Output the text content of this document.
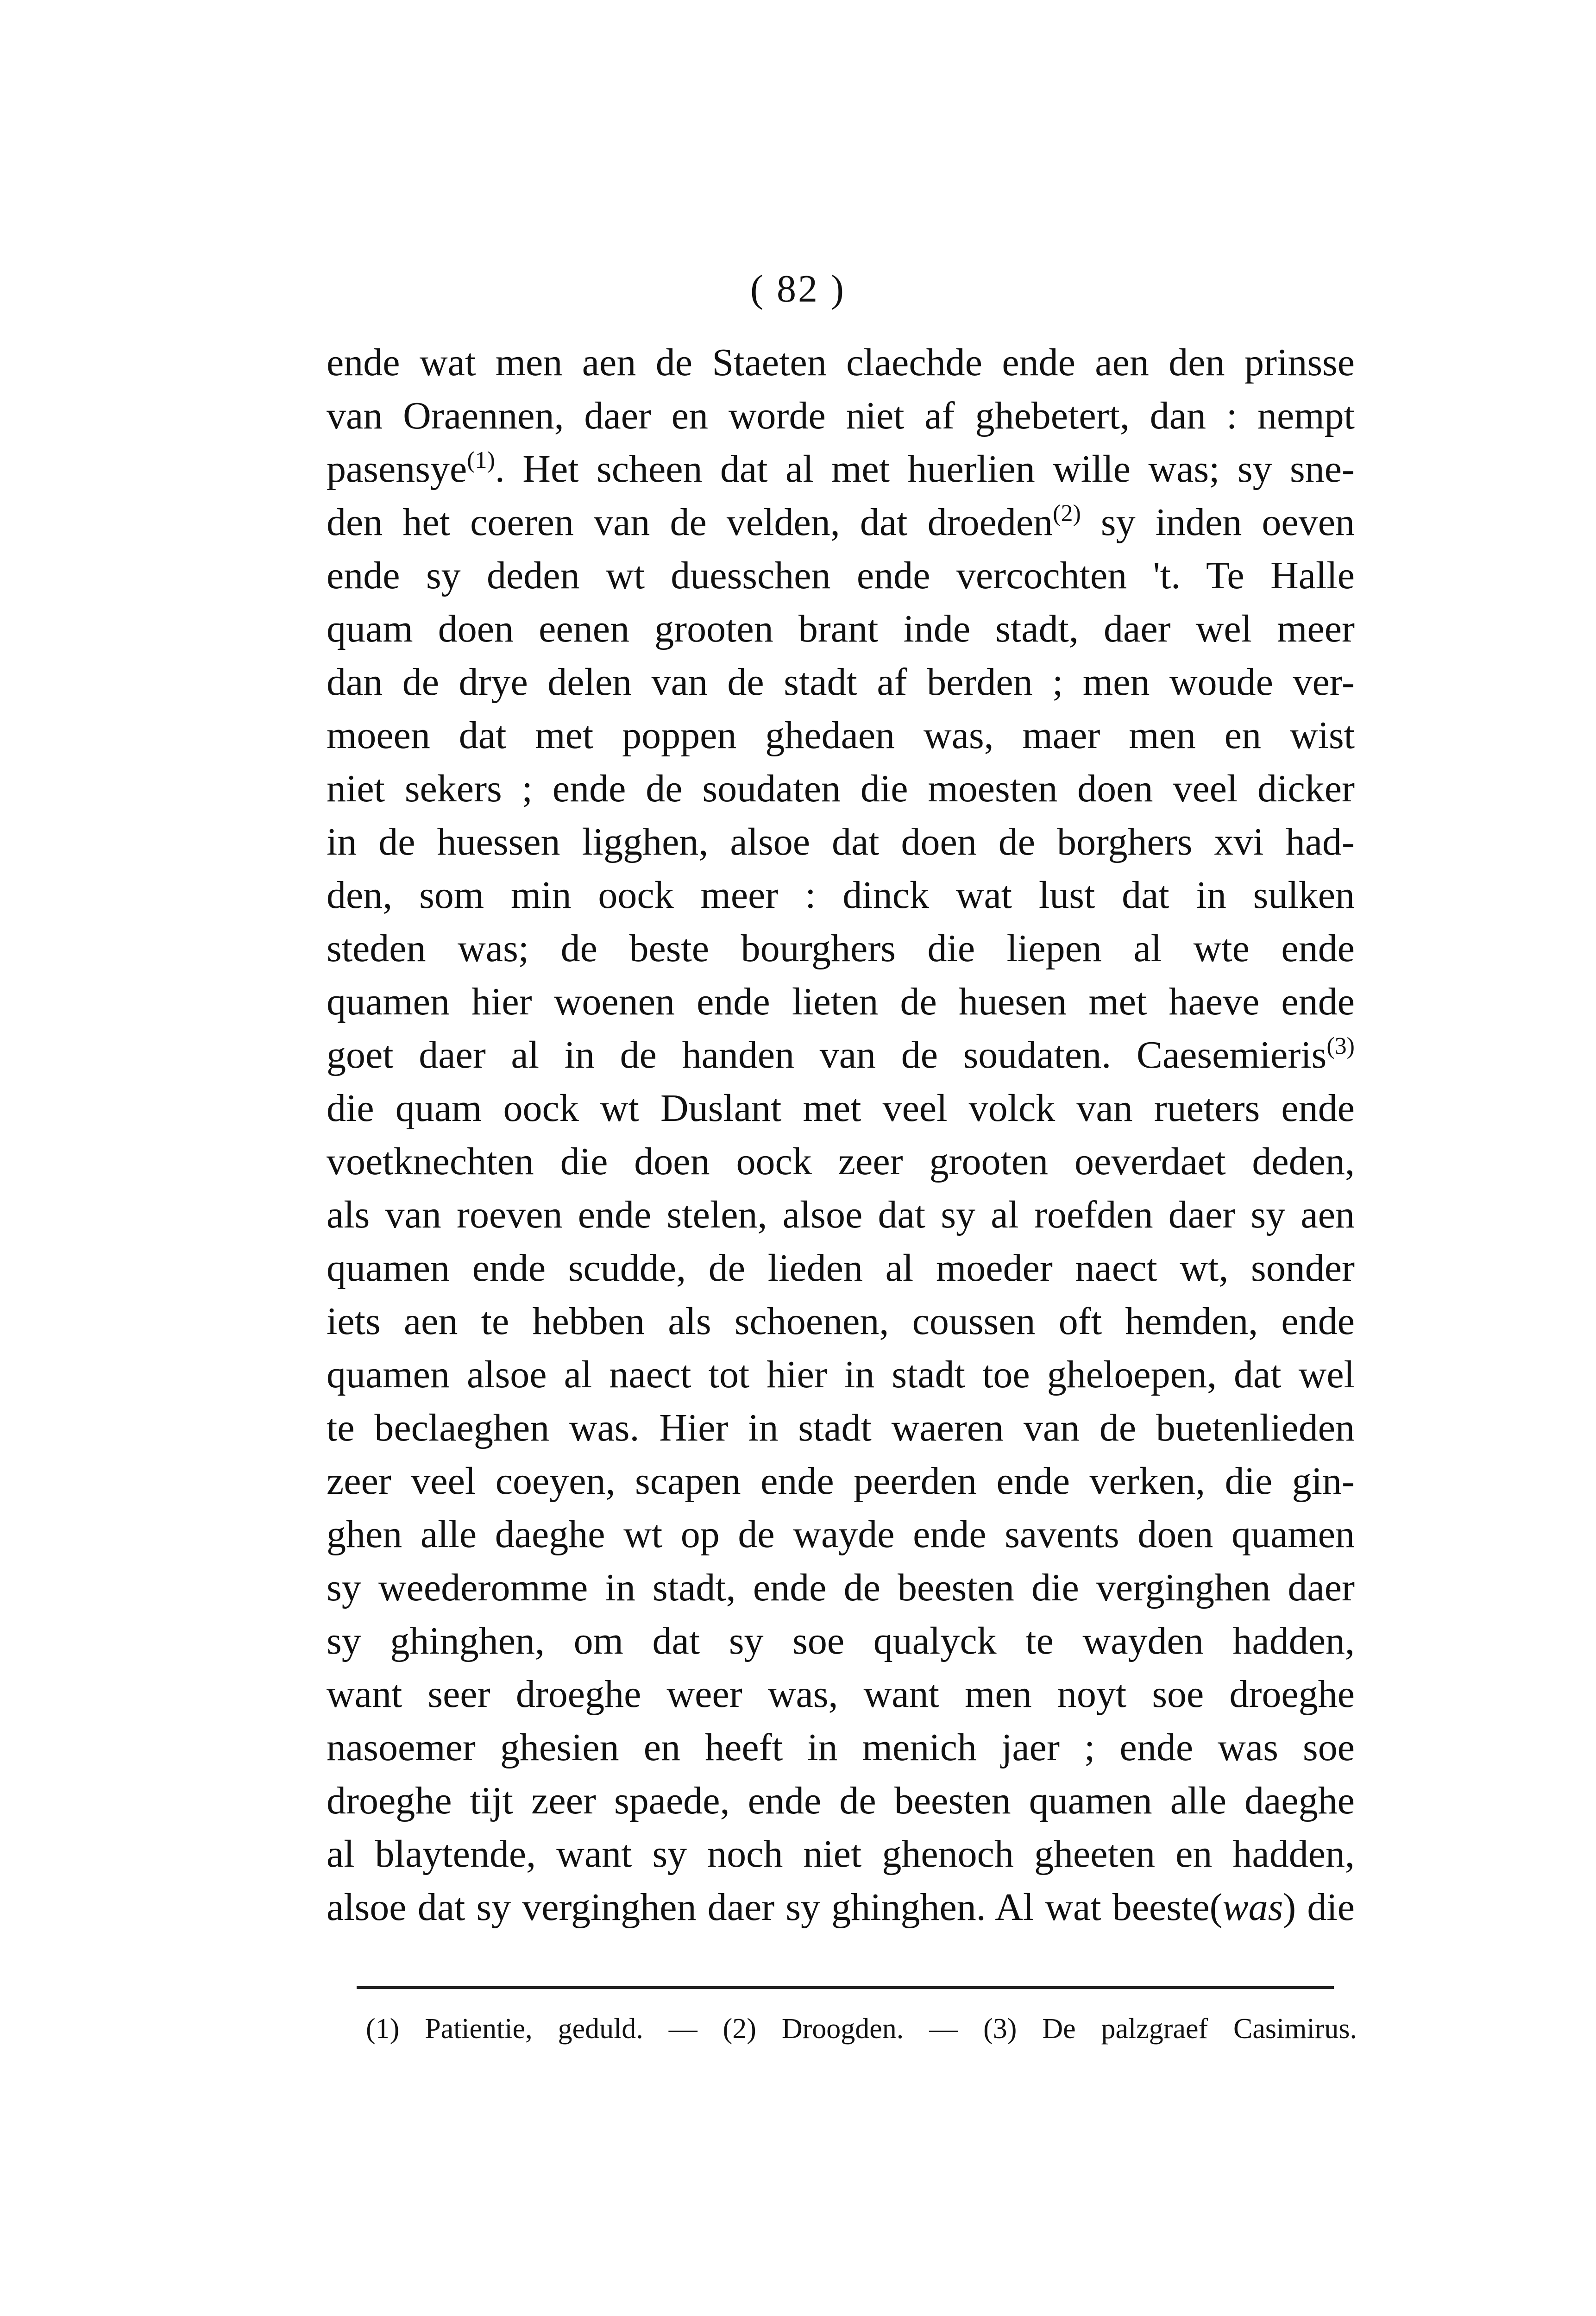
( 82 )
ende wat men aen de Staeten claechde ende aen den prinsse
van Oraennen, daer en worde niet af ghebetert, dan : nempt
pasensye$^{(1)}$. Het scheen dat al met huerlien wille was; sy sne-
den het coeren van de velden, dat droeden$^{(2)}$ sy inden oeven
ende sy deden wt duesschen ende vercochten 't. Te Halle
quam doen eenen grooten brant inde stadt, daer wel meer
dan de drye delen van de stadt af berden ; men woude ver-
moeen dat met poppen ghedaen was, maer men en wist
niet sekers ; ende de soudaten die moesten doen veel dicker
in de huessen ligghen, alsoe dat doen de borghers xvi had-
den, som min oock meer : dinck wat lust dat in sulken
steden was; de beste bourghers die liepen al wte ende
quamen hier woenen ende lieten de huesen met haeve ende
goet daer al in de handen van de soudaten. Caesemieris$^{(3)}$
die quam oock wt Duslant met veel volck van rueters ende
voetknechten die doen oock zeer grooten oeverdaet deden,
als van roeven ende stelen, alsoe dat sy al roefden daer sy aen
quamen ende scudde, de lieden al moeder naect wt, sonder
iets aen te hebben als schoenen, coussen oft hemden, ende
quamen alsoe al naect tot hier in stadt toe gheloepen, dat wel
te beclaeghen was. Hier in stadt waeren van de buetenlieden
zeer veel coeyen, scapen ende peerden ende verken, die gin-
ghen alle daeghe wt op de wayde ende savents doen quamen
sy weederomme in stadt, ende de beesten die verginghen daer
sy ghinghen, om dat sy soe qualyck te wayden hadden,
want seer droeghe weer was, want men noyt soe droeghe
nasoemer ghesien en heeft in menich jaer ; ende was soe
droeghe tijt zeer spaede, ende de beesten quamen alle daeghe
al blaytende, want sy noch niet ghenoch gheeten en hadden,
alsoe dat sy verginghen daer sy ghinghen. Al wat beeste(was) die
(1) Patientie, geduld. — (2) Droogden. — (3) De palzgraef Casimirus.
